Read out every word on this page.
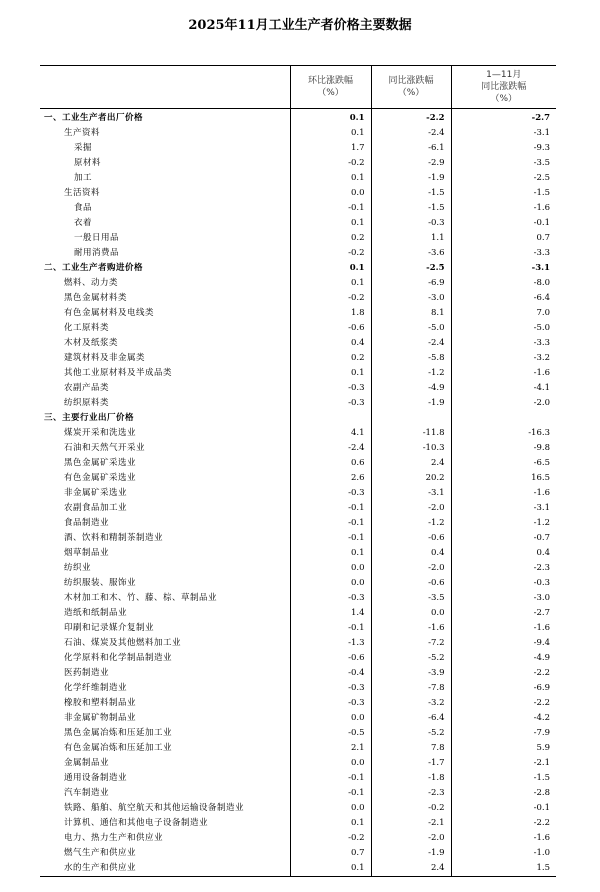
2025年11月工业生产者价格主要数据

环比涨跌幅
（%）

同比涨跌幅
（%）

1—11月
同比涨跌幅
（%）

一、工业生产者出厂价格	0.1	-2.2	-2.7
生产资料	0.1	-2.4	-3.1
采掘	1.7	-6.1	-9.3
原材料	-0.2	-2.9	-3.5
加工	0.1	-1.9	-2.5
生活资料	0.0	-1.5	-1.5
食品	-0.1	-1.5	-1.6
衣着	0.1	-0.3	-0.1
一般日用品	0.2	1.1	0.7
耐用消费品	-0.2	-3.6	-3.3
二、工业生产者购进价格	0.1	-2.5	-3.1
燃料、动力类	0.1	-6.9	-8.0
黑色金属材料类	-0.2	-3.0	-6.4
有色金属材料及电线类	1.8	8.1	7.0
化工原料类	-0.6	-5.0	-5.0
木材及纸浆类	0.4	-2.4	-3.3
建筑材料及非金属类	0.2	-5.8	-3.2
其他工业原材料及半成品类	0.1	-1.2	-1.6
农副产品类	-0.3	-4.9	-4.1
纺织原料类	-0.3	-1.9	-2.0
三、主要行业出厂价格			
煤炭开采和洗选业	4.1	-11.8	-16.3
石油和天然气开采业	-2.4	-10.3	-9.8
黑色金属矿采选业	0.6	2.4	-6.5
有色金属矿采选业	2.6	20.2	16.5
非金属矿采选业	-0.3	-3.1	-1.6
农副食品加工业	-0.1	-2.0	-3.1
食品制造业	-0.1	-1.2	-1.2
酒、饮料和精制茶制造业	-0.1	-0.6	-0.7
烟草制品业	0.1	0.4	0.4
纺织业	0.0	-2.0	-2.3
纺织服装、服饰业	0.0	-0.6	-0.3
木材加工和木、竹、藤、棕、草制品业	-0.3	-3.5	-3.0
造纸和纸制品业	1.4	0.0	-2.7
印刷和记录媒介复制业	-0.1	-1.6	-1.6
石油、煤炭及其他燃料加工业	-1.3	-7.2	-9.4
化学原料和化学制品制造业	-0.6	-5.2	-4.9
医药制造业	-0.4	-3.9	-2.2
化学纤维制造业	-0.3	-7.8	-6.9
橡胶和塑料制品业	-0.3	-3.2	-2.2
非金属矿物制品业	0.0	-6.4	-4.2
黑色金属冶炼和压延加工业	-0.5	-5.2	-7.9
有色金属冶炼和压延加工业	2.1	7.8	5.9
金属制品业	0.0	-1.7	-2.1
通用设备制造业	-0.1	-1.8	-1.5
汽车制造业	-0.1	-2.3	-2.8
铁路、船舶、航空航天和其他运输设备制造业	0.0	-0.2	-0.1
计算机、通信和其他电子设备制造业	0.1	-2.1	-2.2
电力、热力生产和供应业	-0.2	-2.0	-1.6
燃气生产和供应业	0.7	-1.9	-1.0
水的生产和供应业	0.1	2.4	1.5
